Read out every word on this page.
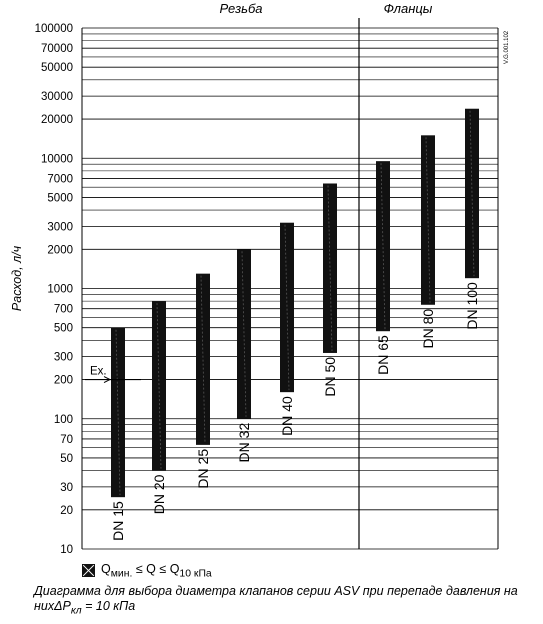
10
20
30
50
70
100
200
300
500
700
1000
2000
3000
5000
7000
10000
20000
30000
50000
70000
100000
Резьба	Фланцы
Расход, л/ч
V.G.001.102
DN 15
DN 20
DN 25
DN 32
DN 40
DN 50
DN 65
DN 80 DN 100
Ex.
$Q_{мин.} \le Q \le Q_{10 кПа}$
Диаграмма для выбора диаметра клапанов серии ASV при перепаде давления на нихΔP$_{кл}$ = 10 кПа
